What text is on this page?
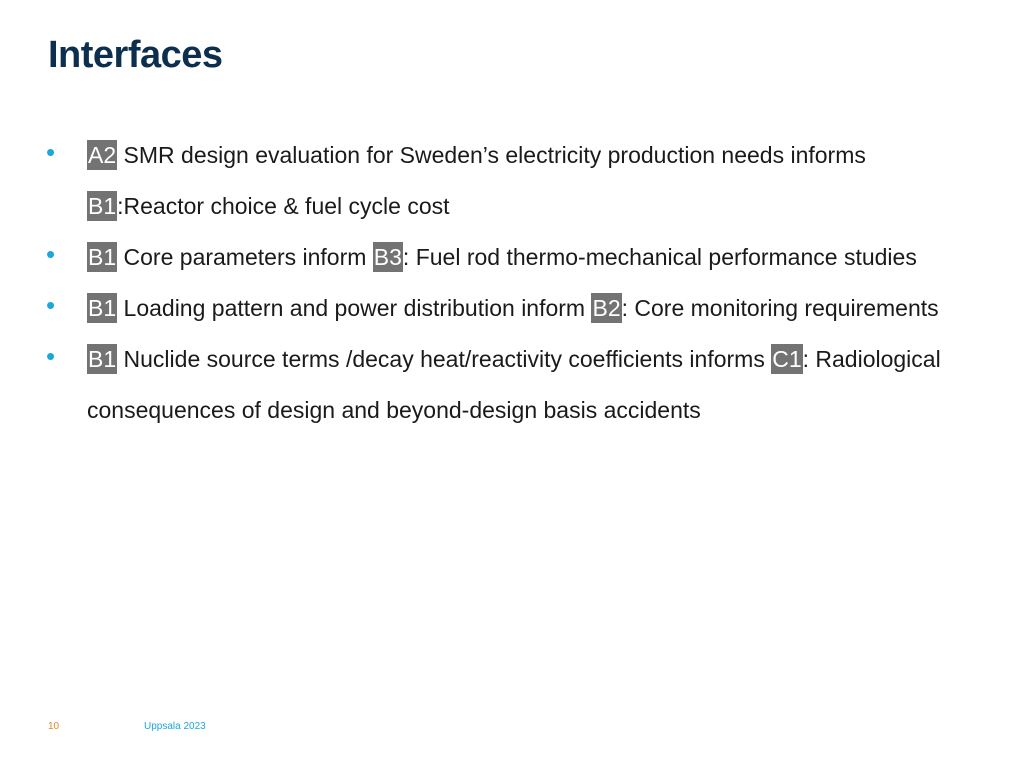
Interfaces
• A2 SMR design evaluation for Sweden’s electricity production needs informs B1:Reactor choice & fuel cycle cost
• B1 Core parameters inform B3: Fuel rod thermo-mechanical performance studies
• B1 Loading pattern and power distribution inform B2: Core monitoring requirements
• B1 Nuclide source terms /decay heat/reactivity coefficients informs C1: Radiological consequences of design and beyond-design basis accidents
10	Uppsala 2023
